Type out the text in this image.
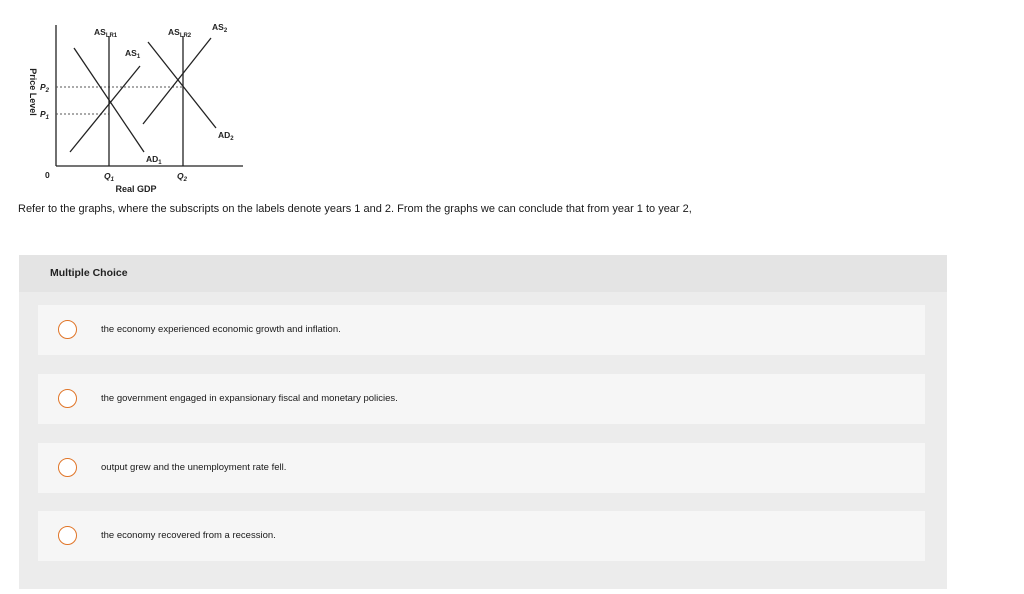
Price Level $P_2$
$P_1$
0	$Q_1$	$Q_2$
Real GDP
$AS_{LR1}$	$AS_{LR2}$
$AS_1$
$AS_2$
$AD_1$
$AD_2$
Refer to the graphs, where the subscripts on the labels denote years 1 and 2. From the graphs we can conclude that from year 1 to year 2,
Multiple Choice
the economy experienced economic growth and inflation.
the government engaged in expansionary fiscal and monetary policies.
output grew and the unemployment rate fell.
the economy recovered from a recession.
